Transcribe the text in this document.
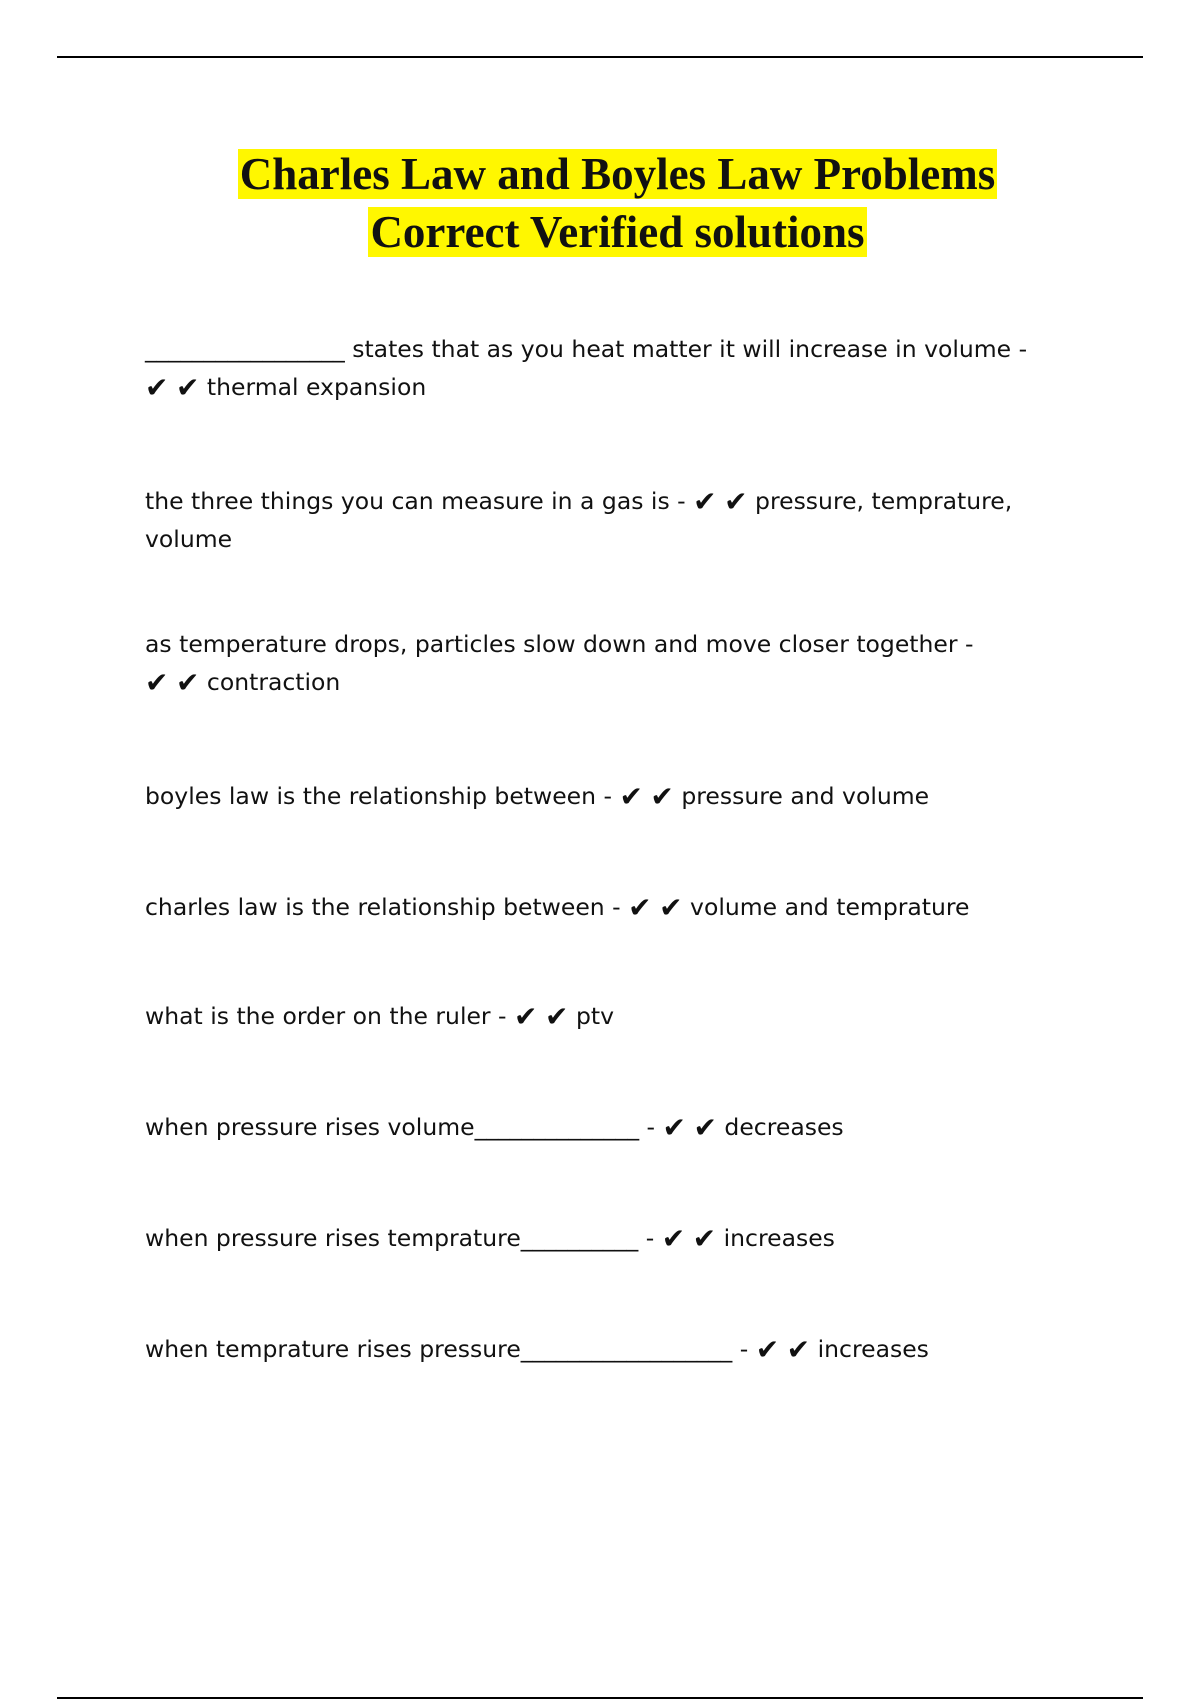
Charles Law and Boyles Law Problems
Correct Verified solutions
_________________ states that as you heat matter it will increase in volume -
✔ ✔ thermal expansion
the three things you can measure in a gas is - ✔ ✔ pressure, temprature, volume
as temperature drops, particles slow down and move closer together -
✔ ✔ contraction
boyles law is the relationship between - ✔ ✔ pressure and volume
charles law is the relationship between - ✔ ✔ volume and temprature
what is the order on the ruler - ✔ ✔ ptv
when pressure rises volume______________ - ✔ ✔ decreases
when pressure rises temprature__________ - ✔ ✔ increases
when temprature rises pressure__________________ - ✔ ✔ increases
